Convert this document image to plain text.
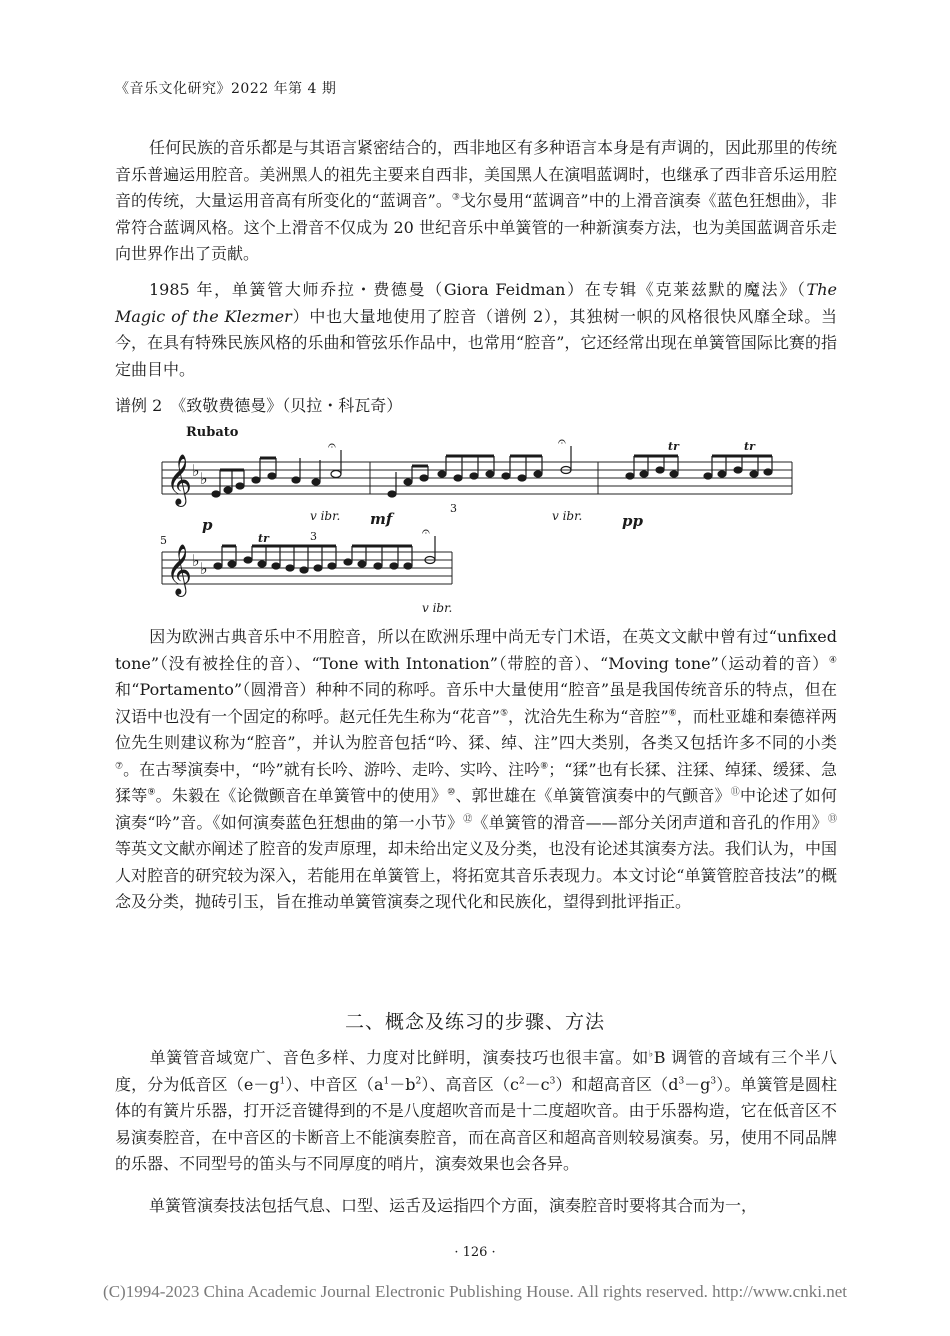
《音乐文化研究》2022 年第 4 期

任何民族的音乐都是与其语言紧密结合的，西非地区有多种语言本身是有声调的，因此那里的传统音乐普遍运用腔音。美洲黑人的祖先主要来自西非，美国黑人在演唱蓝调时，也继承了西非音乐运用腔音的传统，大量运用音高有所变化的“蓝调音”。③戈尔曼用“蓝调音”中的上滑音演奏《蓝色狂想曲》，非常符合蓝调风格。这个上滑音不仅成为 20 世纪音乐中单簧管的一种新演奏方法，也为美国蓝调音乐走向世界作出了贡献。

1985 年，单簧管大师乔拉・费德曼（Giora Feidman）在专辑《克莱兹默的魔法》（The Magic of the Klezmer）中也大量地使用了腔音（谱例 2），其独树一帜的风格很快风靡全球。当今，在具有特殊民族风格的乐曲和管弦乐作品中，也常用“腔音”，它还经常出现在单簧管国际比赛的指定曲目中。

谱例 2　《致敬费德曼》（贝拉・科瓦奇）
Rubato
𝄞 ♭ ♭
𝄐	𝄐	tr	tr
3
p	v ibr. mf	v ibr.	pp
5
𝄞 ♭ ♭
tr	3	𝄐
v ibr.

因为欧洲古典音乐中不用腔音，所以在欧洲乐理中尚无专门术语，在英文文献中曾有过“unfixed tone”（没有被拴住的音）、“Tone with Intonation”（带腔的音）、“Moving tone”（运动着的音）④和“Portamento”（圆滑音）种种不同的称呼。音乐中大量使用“腔音”虽是我国传统音乐的特点，但在汉语中也没有一个固定的称呼。赵元任先生称为“花音”⑤，沈洽先生称为“音腔”⑥，而杜亚雄和秦德祥两位先生则建议称为“腔音”，并认为腔音包括“吟、猱、绰、注”四大类别，各类又包括许多不同的小类⑦。在古琴演奏中，“吟”就有长吟、游吟、走吟、实吟、注吟⑧；“猱”也有长猱、注猱、绰猱、缓猱、急猱等⑨。朱毅在《论微颤音在单簧管中的使用》⑩、郭世雄在《单簧管演奏中的气颤音》⑪中论述了如何演奏“吟”音。《如何演奏蓝色狂想曲的第一小节》⑫《单簧管的滑音——部分关闭声道和音孔的作用》⑬等英文文献亦阐述了腔音的发声原理，却未给出定义及分类，也没有论述其演奏方法。我们认为，中国人对腔音的研究较为深入，若能用在单簧管上，将拓宽其音乐表现力。本文讨论“单簧管腔音技法”的概念及分类，抛砖引玉，旨在推动单簧管演奏之现代化和民族化，望得到批评指正。

二、概念及练习的步骤、方法

单簧管音域宽广、音色多样、力度对比鲜明，演奏技巧也很丰富。如♭B 调管的音域有三个半八度，分为低音区$(e-g^1)$、中音区$(a^1-b^2)$、高音区$(c^2-c^3)$和超高音区$(d^3-g^3)$。单簧管是圆柱体的有簧片乐器，打开泛音键得到的不是八度超吹音而是十二度超吹音。由于乐器构造，它在低音区不易演奏腔音，在中音区的卡断音上不能演奏腔音，而在高音区和超高音则较易演奏。另，使用不同品牌的乐器、不同型号的笛头与不同厚度的哨片，演奏效果也会各异。

单簧管演奏技法包括气息、口型、运舌及运指四个方面，演奏腔音时要将其合而为一，

· 126 ·
(C)1994-2023 China Academic Journal Electronic Publishing House. All rights reserved. http://www.cnki.net
